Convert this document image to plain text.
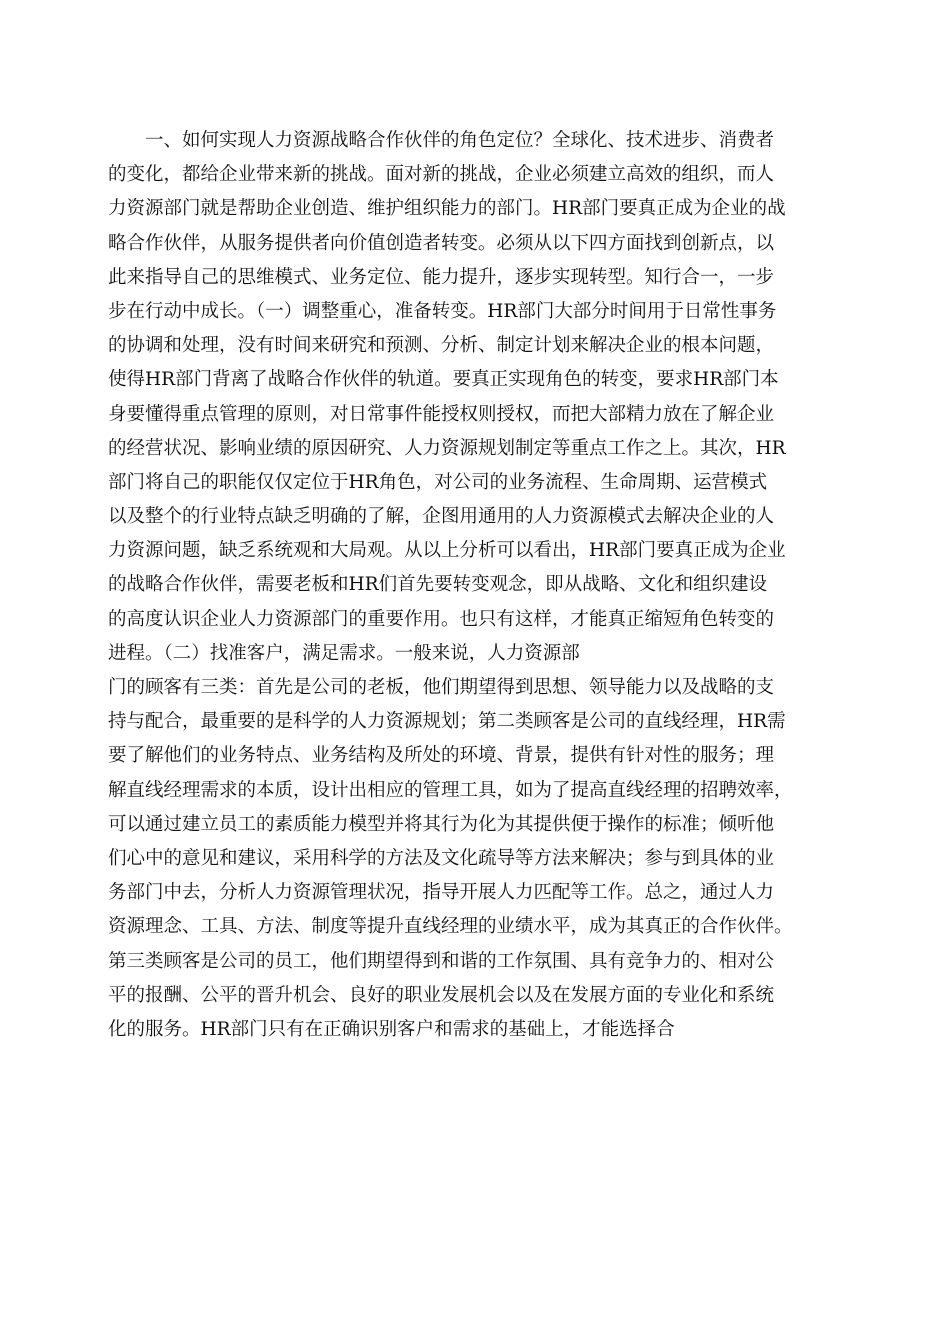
　　一、如何实现人力资源战略合作伙伴的角色定位？全球化、技术进步、消费者
的变化，都给企业带来新的挑战。面对新的挑战，企业必须建立高效的组织，而人
力资源部门就是帮助企业创造、维护组织能力的部门。HR部门要真正成为企业的战
略合作伙伴，从服务提供者向价值创造者转变。必须从以下四方面找到创新点，以
此来指导自己的思维模式、业务定位、能力提升，逐步实现转型。知行合一，一步
步在行动中成长。（一）调整重心，准备转变。HR部门大部分时间用于日常性事务
的协调和处理，没有时间来研究和预测、分析、制定计划来解决企业的根本问题，
使得HR部门背离了战略合作伙伴的轨道。要真正实现角色的转变，要求HR部门本
身要懂得重点管理的原则，对日常事件能授权则授权，而把大部精力放在了解企业
的经营状况、影响业绩的原因研究、人力资源规划制定等重点工作之上。其次，HR
部门将自己的职能仅仅定位于HR角色，对公司的业务流程、生命周期、运营模式
以及整个的行业特点缺乏明确的了解，企图用通用的人力资源模式去解决企业的人
力资源问题，缺乏系统观和大局观。从以上分析可以看出，HR部门要真正成为企业
的战略合作伙伴，需要老板和HR们首先要转变观念，即从战略、文化和组织建设
的高度认识企业人力资源部门的重要作用。也只有这样，才能真正缩短角色转变的
进程。（二）找准客户，满足需求。一般来说，人力资源部
门的顾客有三类：首先是公司的老板，他们期望得到思想、领导能力以及战略的支
持与配合，最重要的是科学的人力资源规划；第二类顾客是公司的直线经理，HR需
要了解他们的业务特点、业务结构及所处的环境、背景，提供有针对性的服务；理
解直线经理需求的本质，设计出相应的管理工具，如为了提高直线经理的招聘效率，
可以通过建立员工的素质能力模型并将其行为化为其提供便于操作的标准；倾听他
们心中的意见和建议，采用科学的方法及文化疏导等方法来解决；参与到具体的业
务部门中去，分析人力资源管理状况，指导开展人力匹配等工作。总之，通过人力
资源理念、工具、方法、制度等提升直线经理的业绩水平，成为其真正的合作伙伴。
第三类顾客是公司的员工，他们期望得到和谐的工作氛围、具有竞争力的、相对公
平的报酬、公平的晋升机会、良好的职业发展机会以及在发展方面的专业化和系统
化的服务。HR部门只有在正确识别客户和需求的基础上，才能选择合
